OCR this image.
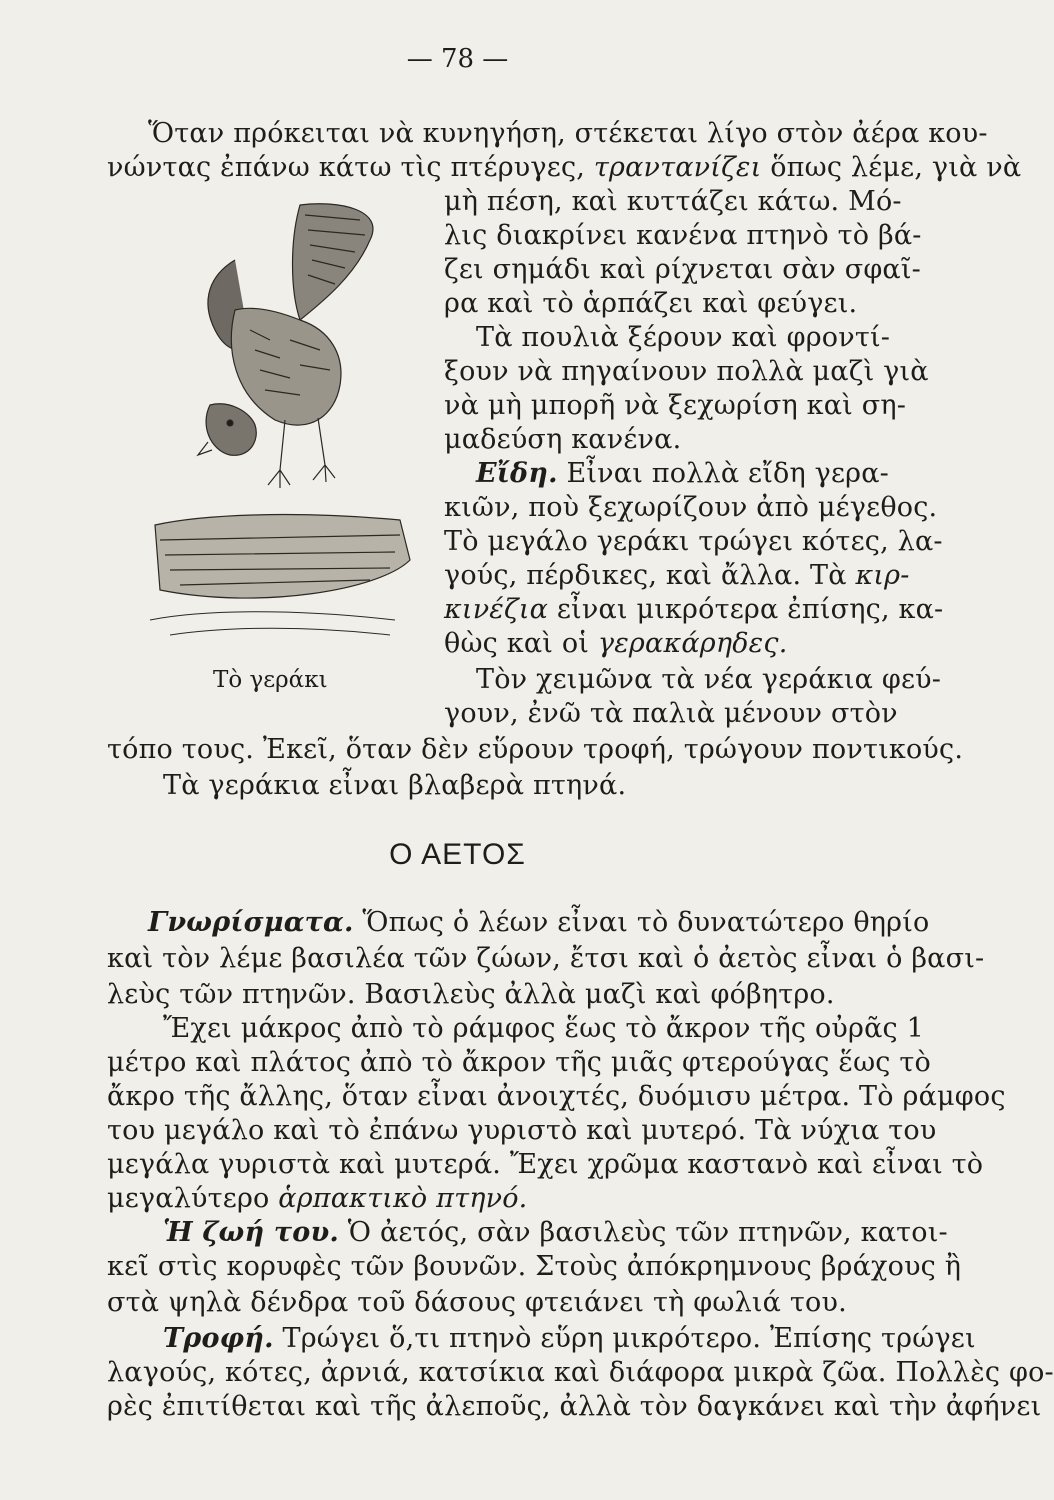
— 78 —
Τὸ γεράκι
Ὅταν πρόκειται νὰ κυνηγήση, στέκεται λίγο στὸν ἀέρα κου-
νώντας ἐπάνω κάτω τὶς πτέρυγες, τραντανίζει ὅπως λέμε, γιὰ νὰ
μὴ πέση, καὶ κυττάζει κάτω. Μό-
λις διακρίνει κανένα πτηνὸ τὸ βά-
ζει σημάδι καὶ ρίχνεται σὰν σφαῖ-
ρα καὶ τὸ ἁρπάζει καὶ φεύγει.
Τὰ πουλιὰ ξέρουν καὶ φροντί-
ξουν νὰ πηγαίνουν πολλὰ μαζὶ γιὰ
νὰ μὴ μπορῆ νὰ ξεχωρίση καὶ ση-
μαδεύση κανένα.
Εἴδη. Εἶναι πολλὰ εἴδη γερα-
κιῶν, ποὺ ξεχωρίζουν ἀπὸ μέγεθος.
Τὸ μεγάλο γεράκι τρώγει κότες, λα-
γούς, πέρδικες, καὶ ἄλλα. Τὰ κιρ-
κινέζια εἶναι μικρότερα ἐπίσης, κα-
θὼς καὶ οἱ γερακάρηδες.
Τὸν χειμῶνα τὰ νέα γεράκια φεύ-
γουν, ἐνῶ τὰ παλιὰ μένουν στὸν
τόπο τους. Ἐκεῖ, ὅταν δὲν εὕρουν τροφή, τρώγουν ποντικούς.
Τὰ γεράκια εἶναι βλαβερὰ πτηνά.
Ο ΑΕΤΟΣ
Γνωρίσματα. Ὅπως ὁ λέων εἶναι τὸ δυνατώτερο θηρίο
καὶ τὸν λέμε βασιλέα τῶν ζώων, ἔτσι καὶ ὁ ἀετὸς εἶναι ὁ βασι-
λεὺς τῶν πτηνῶν. Βασιλεὺς ἀλλὰ μαζὶ καὶ φόβητρο.
Ἔχει μάκρος ἀπὸ τὸ ράμφος ἕως τὸ ἄκρον τῆς οὐρᾶς 1
μέτρο καὶ πλάτος ἀπὸ τὸ ἄκρον τῆς μιᾶς φτερούγας ἕως τὸ
ἄκρο τῆς ἄλλης, ὅταν εἶναι ἀνοιχτές, δυόμισυ μέτρα. Τὸ ράμφος
του μεγάλο καὶ τὸ ἐπάνω γυριστὸ καὶ μυτερό. Τὰ νύχια του
μεγάλα γυριστὰ καὶ μυτερά. Ἔχει χρῶμα καστανὸ καὶ εἶναι τὸ
μεγαλύτερο ἁρπακτικὸ πτηνό.
Ἡ ζωή του. Ὁ ἀετός, σὰν βασιλεὺς τῶν πτηνῶν, κατοι-
κεῖ στὶς κορυφὲς τῶν βουνῶν. Στοὺς ἀπόκρημνους βράχους ἢ
στὰ ψηλὰ δένδρα τοῦ δάσους φτειάνει τὴ φωλιά του.
Τροφή. Τρώγει ὅ,τι πτηνὸ εὕρη μικρότερο. Ἐπίσης τρώγει
λαγούς, κότες, ἀρνιά, κατσίκια καὶ διάφορα μικρὰ ζῶα. Πολλὲς φο-
ρὲς ἐπιτίθεται καὶ τῆς ἀλεποῦς, ἀλλὰ τὸν δαγκάνει καὶ τὴν ἀφήνει
